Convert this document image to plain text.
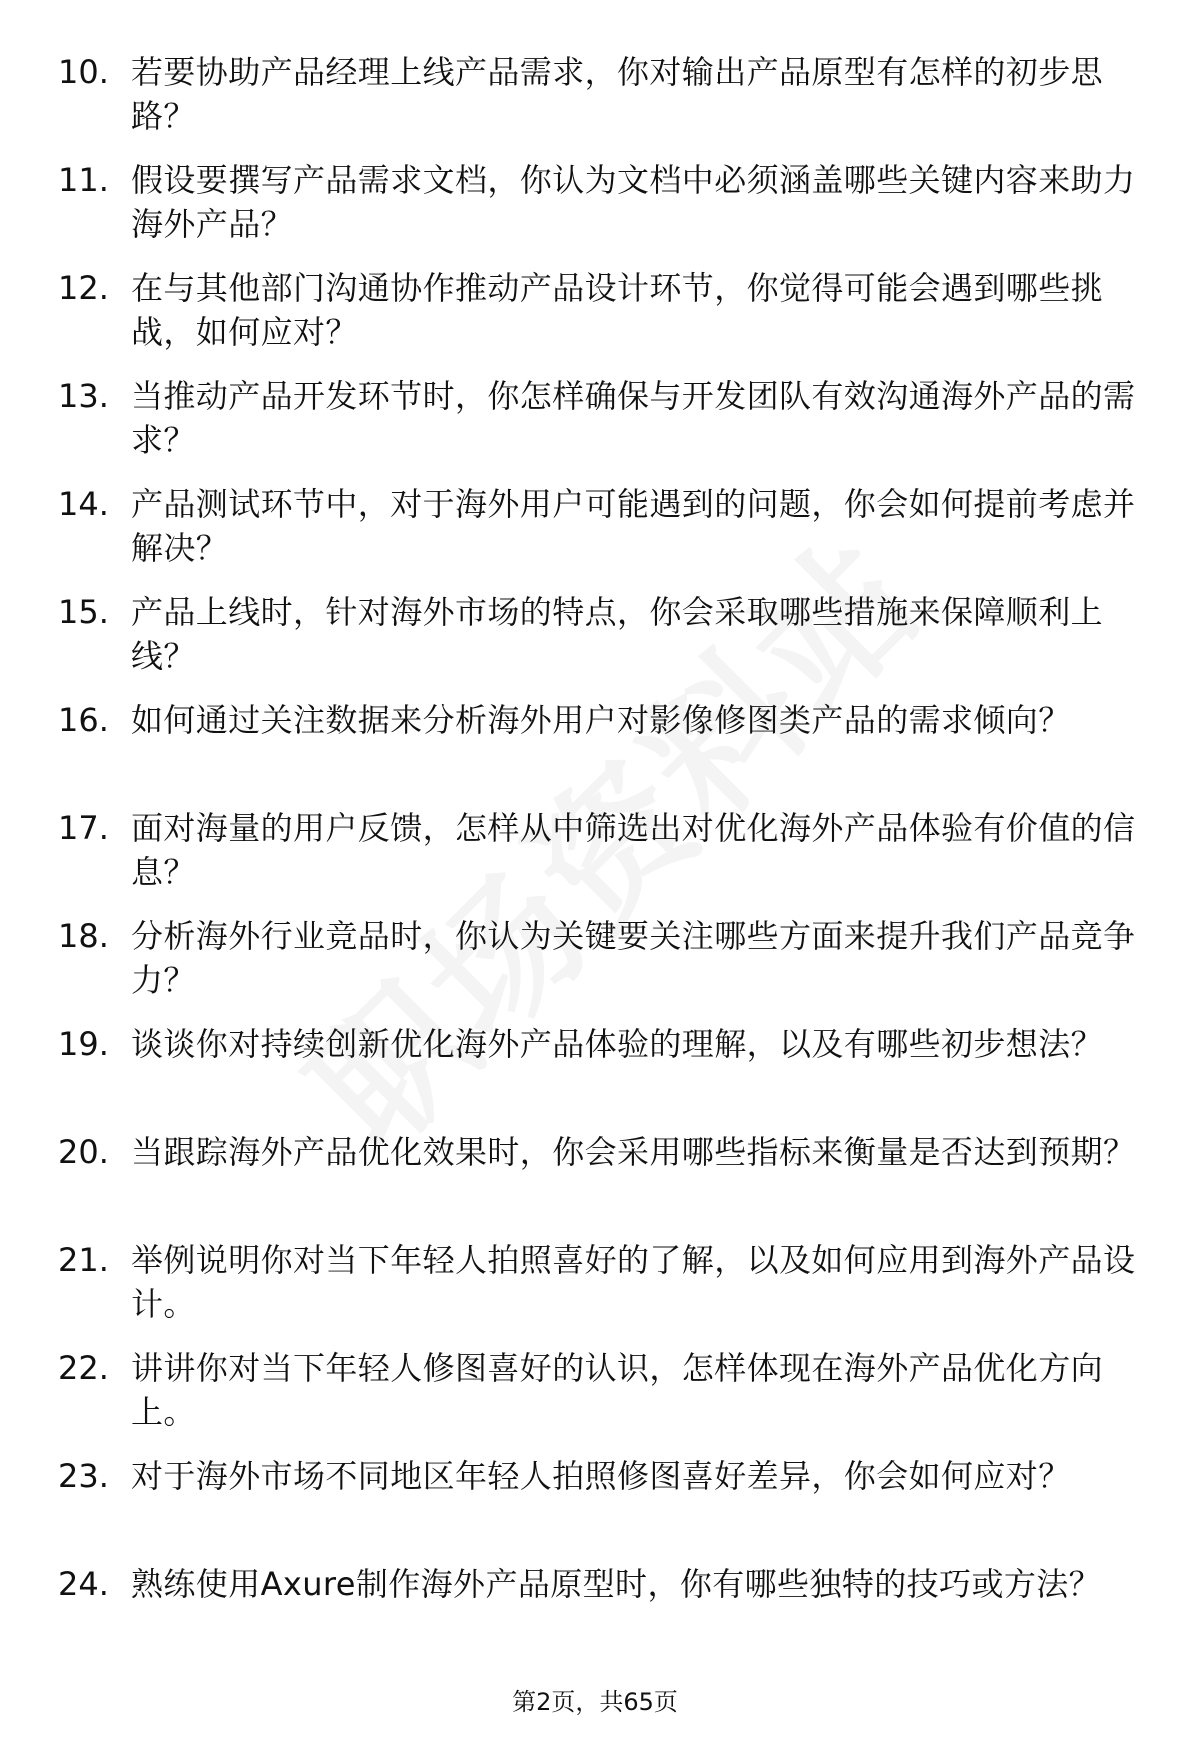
10. 若要协助产品经理上线产品需求，你对输出产品原型有怎样的初步思路？
11. 假设要撰写产品需求文档，你认为文档中必须涵盖哪些关键内容来助力海外产品？
12. 在与其他部门沟通协作推动产品设计环节，你觉得可能会遇到哪些挑战，如何应对？
13. 当推动产品开发环节时，你怎样确保与开发团队有效沟通海外产品的需求？
14. 产品测试环节中，对于海外用户可能遇到的问题，你会如何提前考虑并解决？
15. 产品上线时，针对海外市场的特点，你会采取哪些措施来保障顺利上线？
16. 如何通过关注数据来分析海外用户对影像修图类产品的需求倾向？
17. 面对海量的用户反馈，怎样从中筛选出对优化海外产品体验有价值的信息？
18. 分析海外行业竞品时，你认为关键要关注哪些方面来提升我们产品竞争力？
19. 谈谈你对持续创新优化海外产品体验的理解，以及有哪些初步想法？
20. 当跟踪海外产品优化效果时，你会采用哪些指标来衡量是否达到预期？
21. 举例说明你对当下年轻人拍照喜好的了解，以及如何应用到海外产品设计。
22. 讲讲你对当下年轻人修图喜好的认识，怎样体现在海外产品优化方向上。
23. 对于海外市场不同地区年轻人拍照修图喜好差异，你会如何应对？
24. 熟练使用Axure制作海外产品原型时，你有哪些独特的技巧或方法？
第2页，共65页
